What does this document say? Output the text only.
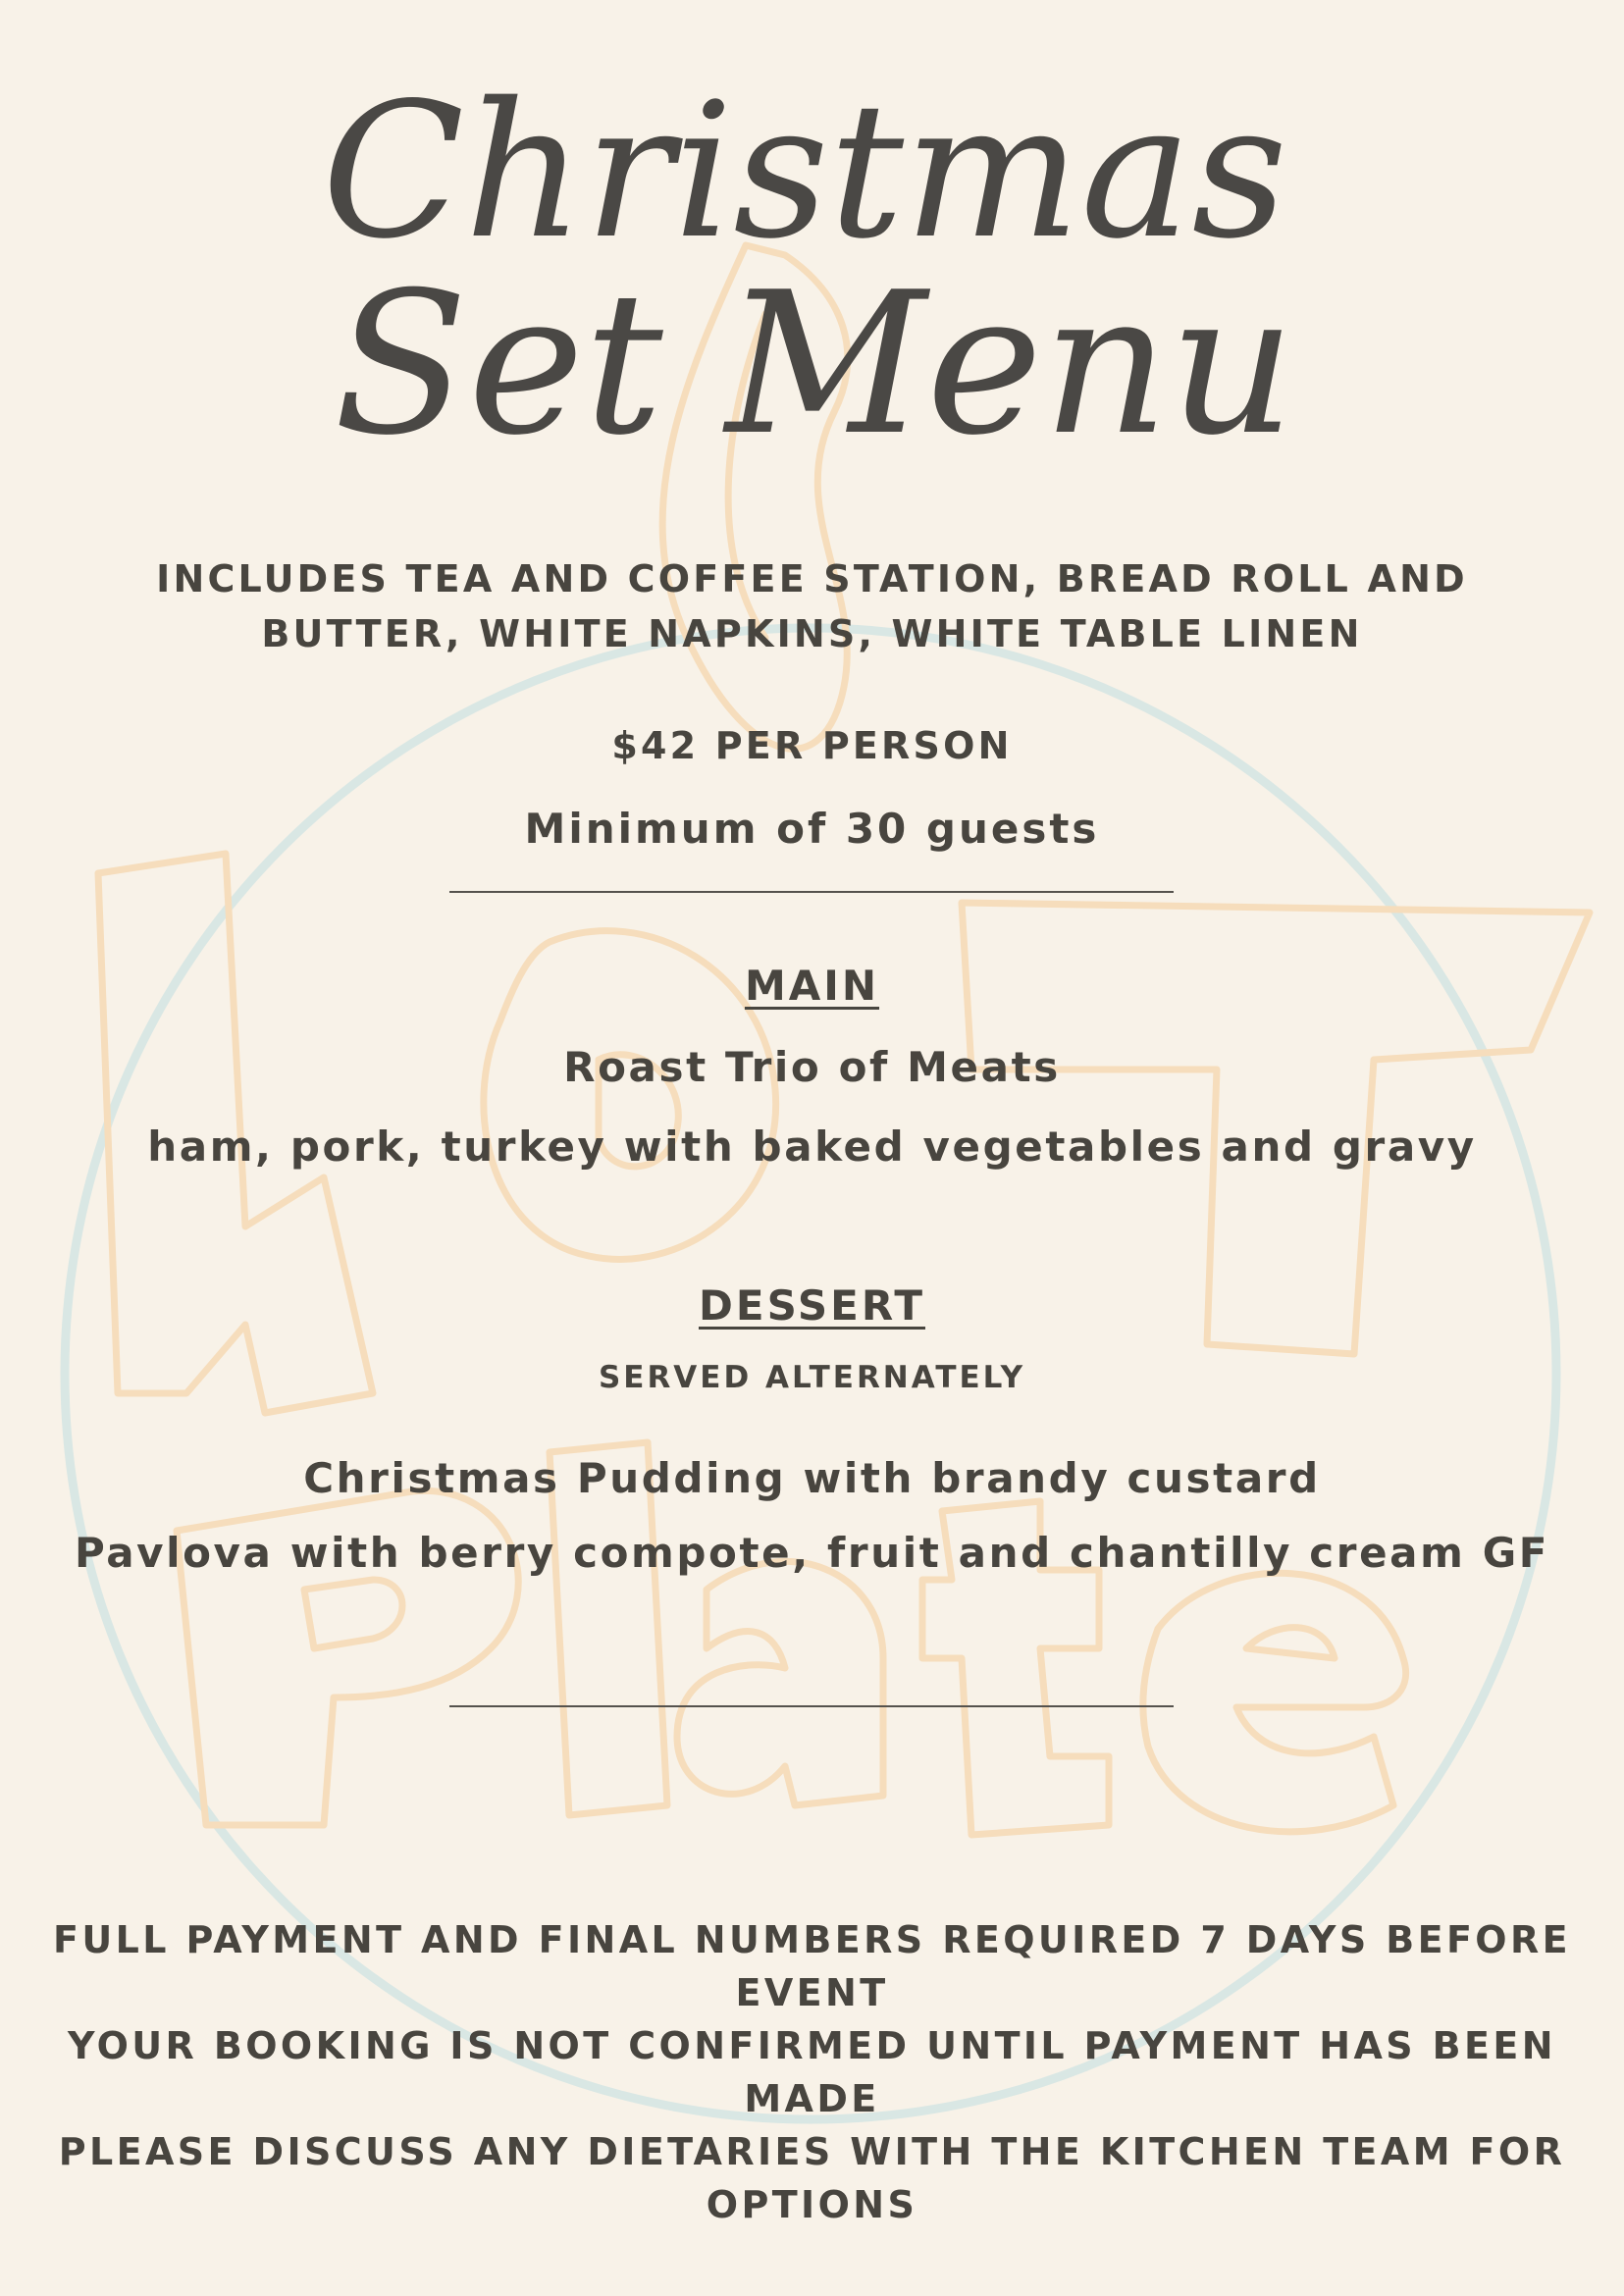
Christmas
Set Menu
INCLUDES TEA AND COFFEE STATION, BREAD ROLL AND
BUTTER, WHITE NAPKINS, WHITE TABLE LINEN
$42 PER PERSON
Minimum of 30 guests
MAIN
Roast Trio of Meats
ham, pork, turkey with baked vegetables and gravy
DESSERT
SERVED ALTERNATELY
Christmas Pudding with brandy custard
Pavlova with berry compote, fruit and chantilly cream GF
FULL PAYMENT AND FINAL NUMBERS REQUIRED 7 DAYS BEFORE EVENT
YOUR BOOKING IS NOT CONFIRMED UNTIL PAYMENT HAS BEEN MADE
PLEASE DISCUSS ANY DIETARIES WITH THE KITCHEN TEAM FOR OPTIONS
